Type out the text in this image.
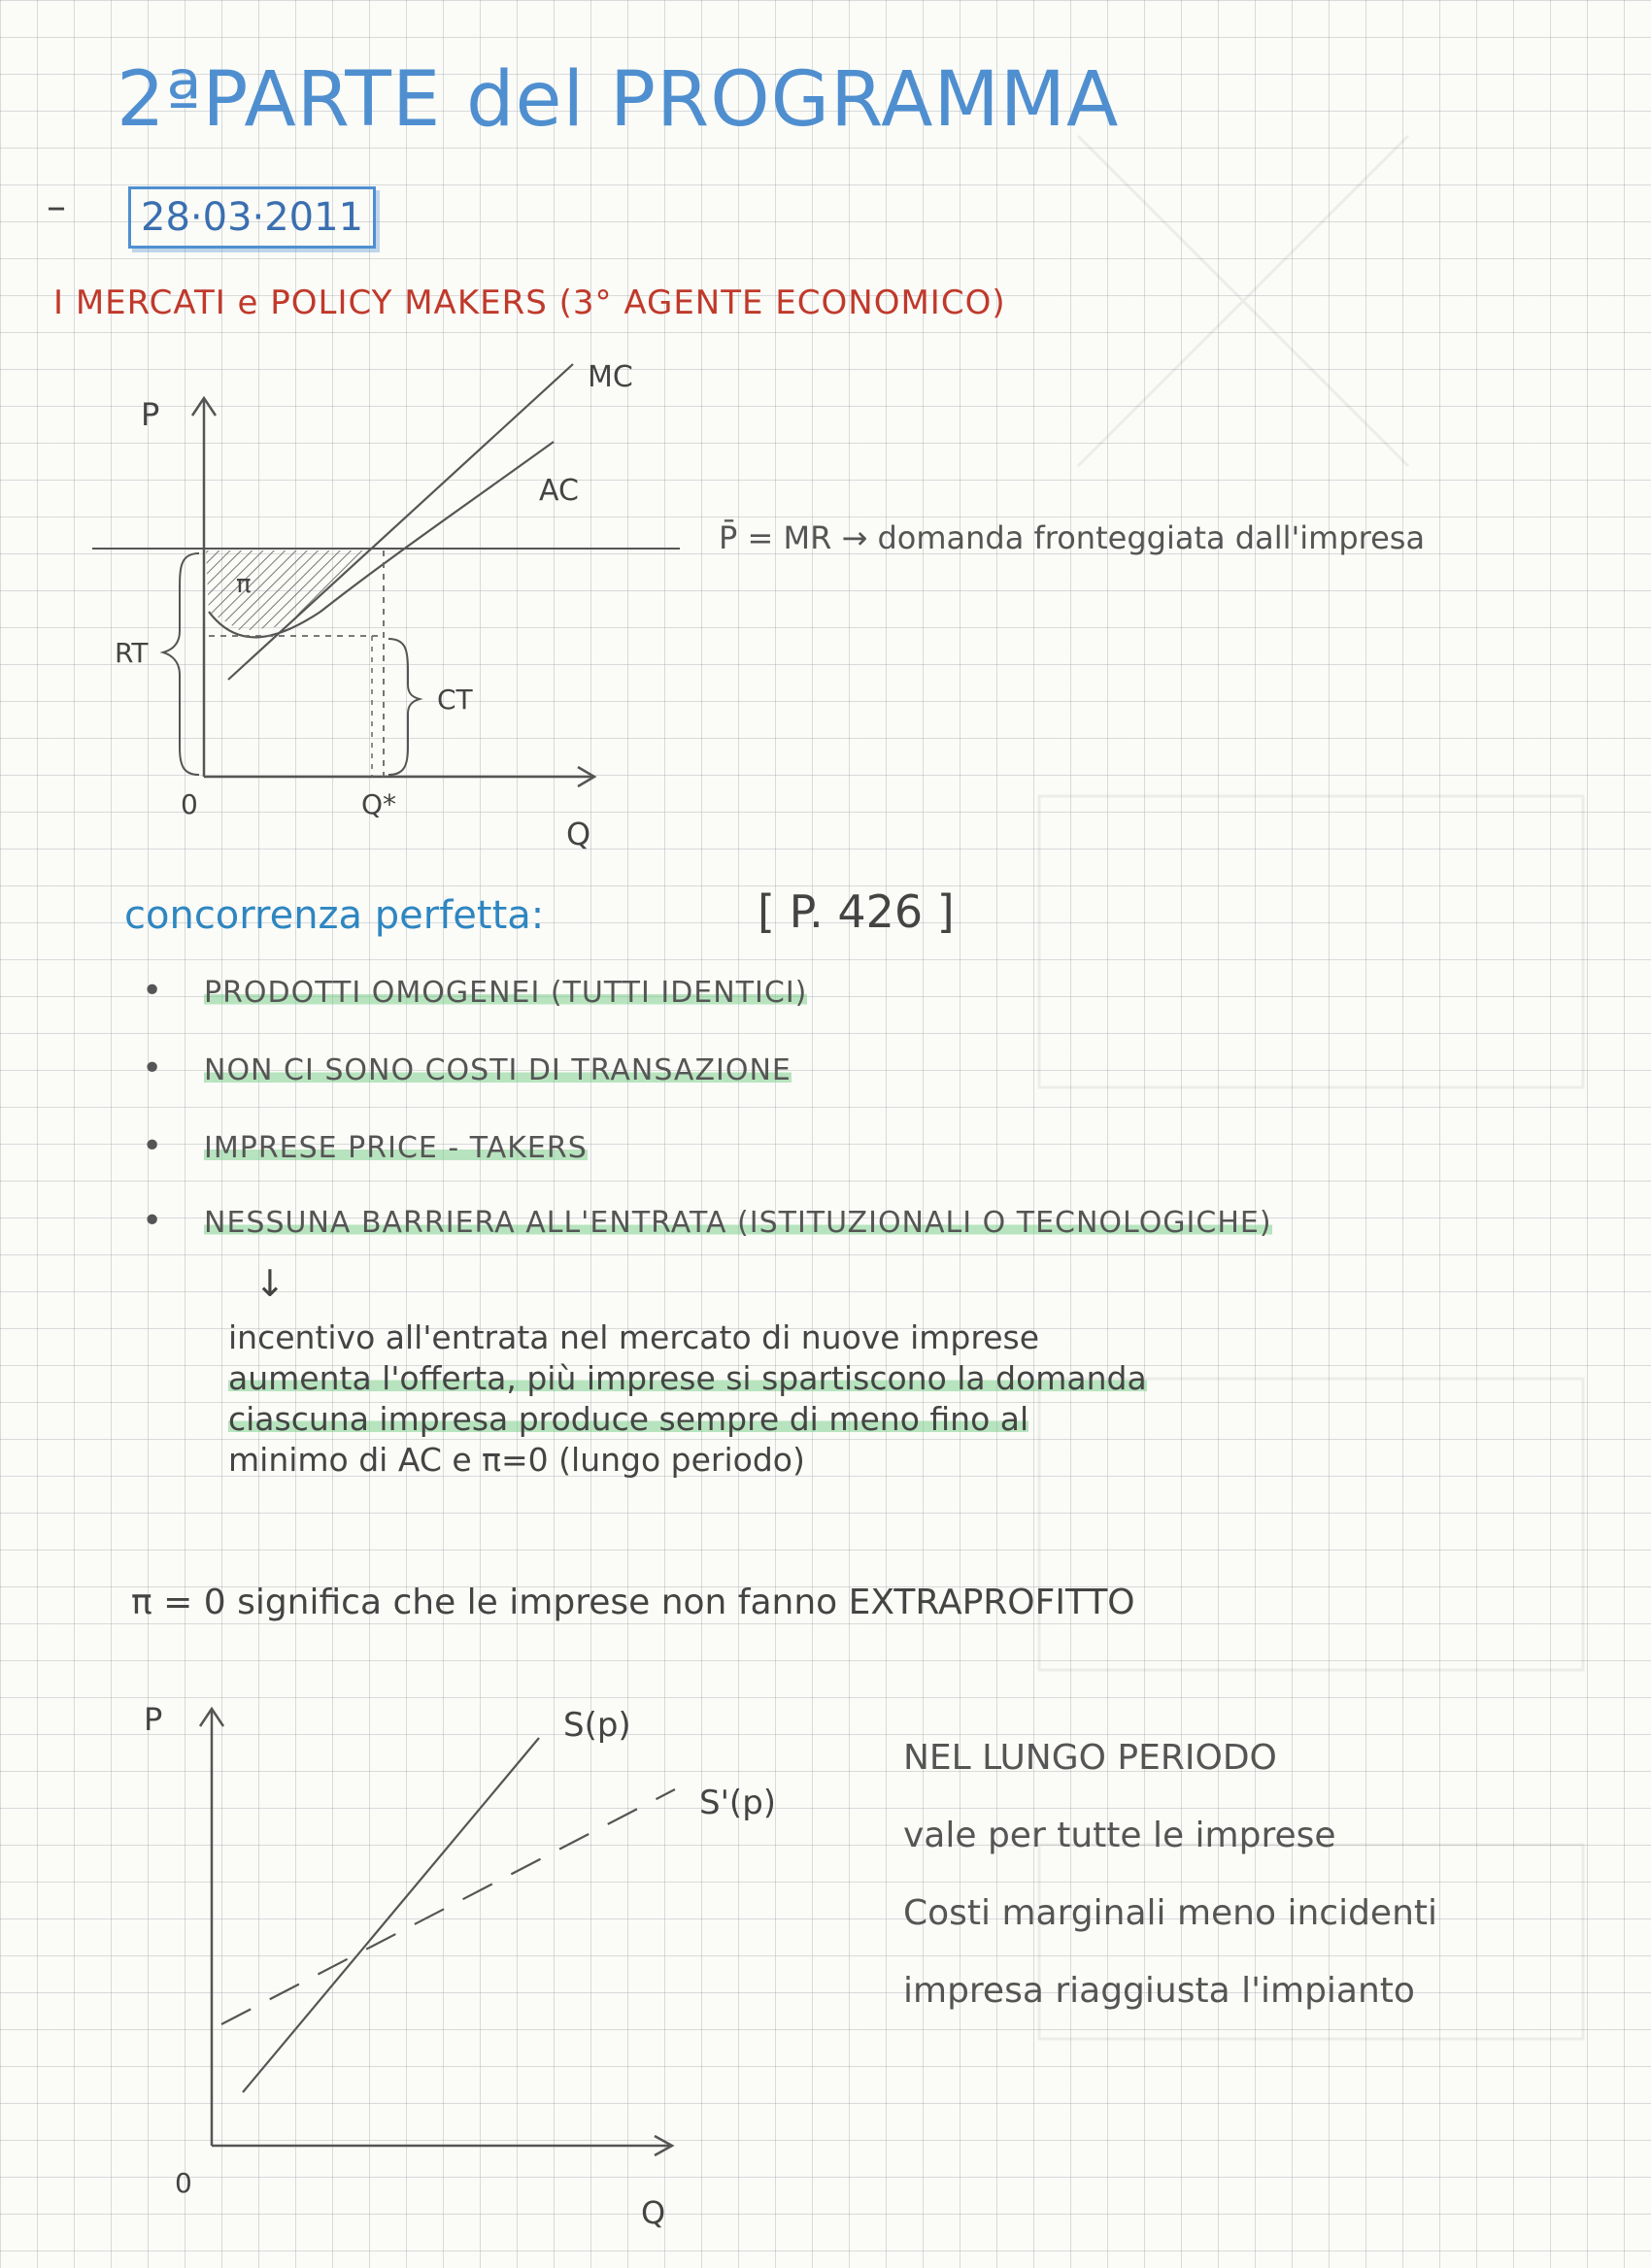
2ªPARTE del PROGRAMMA
–	28·03·2011
I MERCATI e POLICY MAKERS (3° AGENTE ECONOMICO)
P
Q
0	Q*
MC
AC
RT
CT
π
P̄ = MR → domanda fronteggiata dall'impresa
concorrenza perfetta:	[ P. 426 ]
• PRODOTTI OMOGENEI (TUTTI IDENTICI)
• NON CI SONO COSTI DI TRANSAZIONE
• IMPRESE PRICE - TAKERS
• NESSUNA BARRIERA ALL'ENTRATA (ISTITUZIONALI O TECNOLOGICHE)
↓
incentivo all'entrata nel mercato di nuove imprese
aumenta l'offerta, più imprese si spartiscono la domanda
ciascuna impresa produce sempre di meno fino al
minimo di AC e π=0 (lungo periodo)
π = 0 significa che le imprese non fanno EXTRAPROFITTO
P
Q
0
S(p)
S'(p)
NEL LUNGO PERIODO
vale per tutte le imprese
Costi marginali meno incidenti
impresa riaggiusta l'impianto
